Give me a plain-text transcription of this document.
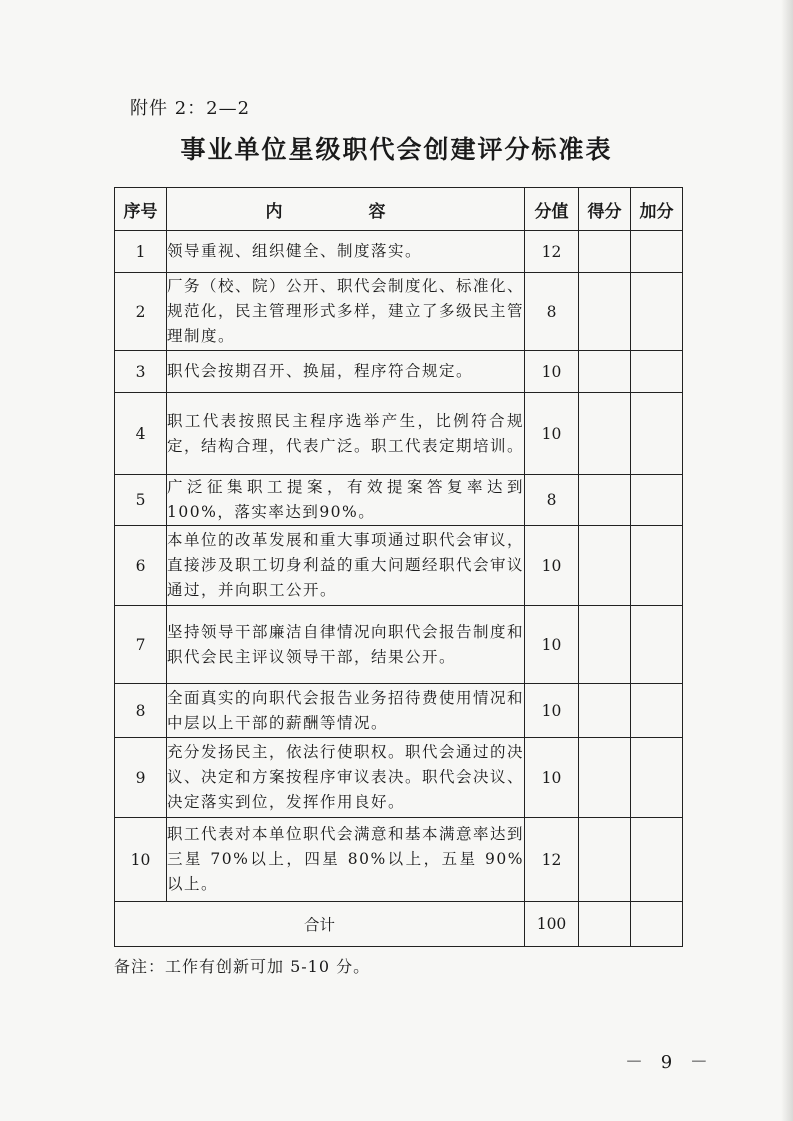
附件 2：2—2
事业单位星级职代会创建评分标准表
序号	内 容	分值	得分	加分
1	领导重视、组织健全、制度落实。	12		
2	厂务（校、院）公开、职代会制度化、标准化、规范化，民主管理形式多样，建立了多级民主管理制度。	8		
3	职代会按期召开、换届，程序符合规定。	10		
4	职工代表按照民主程序选举产生，比例符合规定，结构合理，代表广泛。职工代表定期培训。	10		
5	广泛征集职工提案，有效提案答复率达到100%，落实率达到90%。	8		
6	本单位的改革发展和重大事项通过职代会审议，直接涉及职工切身利益的重大问题经职代会审议通过，并向职工公开。	10		
7	坚持领导干部廉洁自律情况向职代会报告制度和职代会民主评议领导干部，结果公开。	10		
8	全面真实的向职代会报告业务招待费使用情况和中层以上干部的薪酬等情况。	10		
9	充分发扬民主，依法行使职权。职代会通过的决议、决定和方案按程序审议表决。职代会决议、决定落实到位，发挥作用良好。	10		
10	职工代表对本单位职代会满意和基本满意率达到三星 70%以上，四星 80%以上，五星 90%以上。	12		
合计		100		
备注：工作有创新可加 5-10 分。
－ 9 －
